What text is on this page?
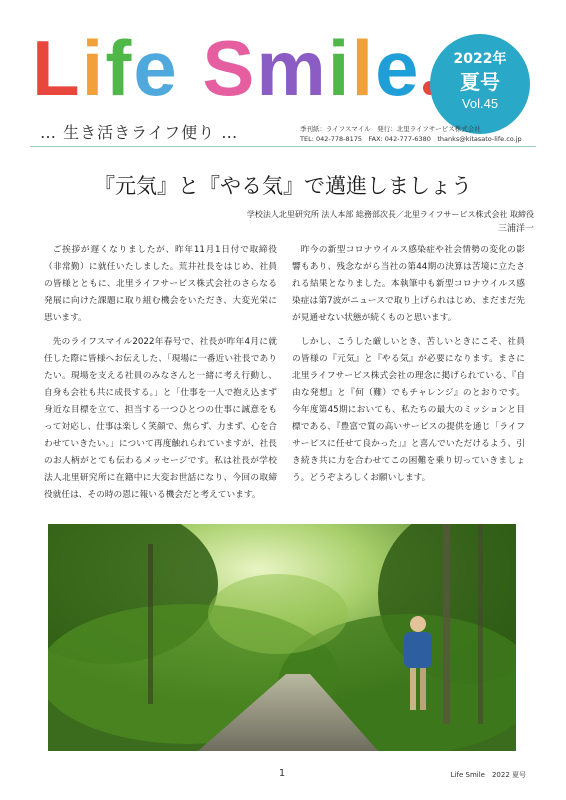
Life Smile
… 生き活きライフ便り …
2022年
夏号
Vol.45
季刊紙：ライフスマイル　発行：北里ライフサービス株式会社
TEL: 042-778-8175　FAX: 042-777-6380　thanks@kitasato-life.co.jp
『元気』と『やる気』で邁進しましょう
学校法人北里研究所 法人本部 総務部次長／北里ライフサービス株式会社 取締役
三浦洋一

ご挨拶が遅くなりましたが、昨年11月1日付で取締役（非常勤）に就任いたしました。荒井社長をはじめ、社員の皆様とともに、北里ライフサービス株式会社のさらなる発展に向けた課題に取り組む機会をいただき、大変光栄に思います。

先のライフスマイル2022年春号で、社長が昨年4月に就任した際に皆様へお伝えした、「現場に一番近い社長でありたい。現場を支える社員のみなさんと一緒に考え行動し、自身も会社も共に成長する。」と「仕事を一人で抱え込まず身近な目標を立て、担当する一つひとつの仕事に誠意をもって対応し、仕事は楽しく笑顔で、焦らず、力まず、心を合わせていきたい。」について再度触れられていますが、社長のお人柄がとても伝わるメッセージです。私は社長が学校法人北里研究所に在籍中に大変お世話になり、今回の取締役就任は、その時の恩に報いる機会だと考えています。

昨今の新型コロナウイルス感染症や社会情勢の変化の影響もあり、残念ながら当社の第44期の決算は苦境に立たされる結果となりました。本執筆中も新型コロナウイルス感染症は第7波がニュースで取り上げられはじめ、まだまだ先が見通せない状態が続くものと思います。

しかし、こうした厳しいとき、苦しいときにこそ、社員の皆様の『元気』と『やる気』が必要になります。まさに北里ライフサービス株式会社の理念に掲げられている、『自由な発想』と『何（難）でもチャレンジ』のとおりです。今年度第45期においても、私たちの最大のミッションと目標である、『豊富で質の高いサービスの提供を通じ「ライフサービスに任せて良かった」』と喜んでいただけるよう、引き続き共に力を合わせてこの困難を乗り切っていきましょう。どうぞよろしくお願いします。

1	Life Smile　2022 夏号
